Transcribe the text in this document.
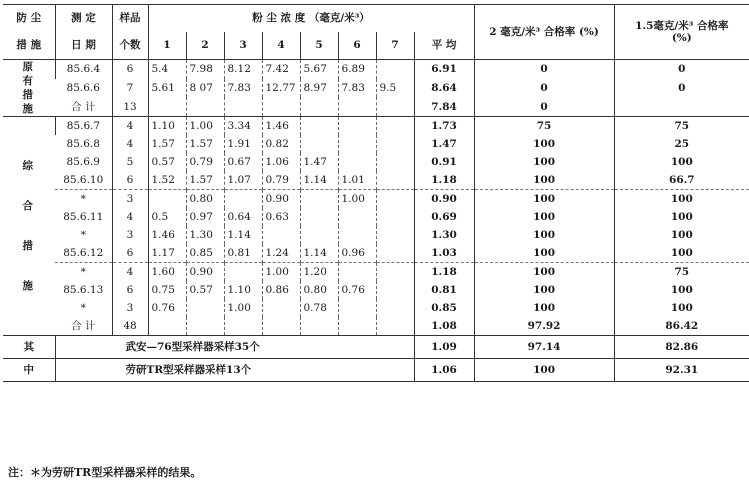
防 尘	测 定	样品	粉 尘 浓 度 （毫克/米³）								2 毫克/米³ 合格率 (%)	1.5毫克/米³ 合格率 (%)
措 施	日 期	个数	1	2	3	4	5	6	7	平 均		
原有措施	85.6.4	6	5.4	7.98	8.12	7.42	5.67	6.89		6.91	0	0
	85.6.6	7	5.61	8 07	7.83	12.77	8.97	7.83	9.5	8.64	0	0
	合 计	13								7.84	0	
综合措施	85.6.7	4	1.10	1.00	3.34	1.46				1.73	75	75
	85.6.8	4	1.57	1.57	1.91	0.82				1.47	100	25
	85.6.9	5	0.57	0.79	0.67	1.06	1.47			0.91	100	100
	85.6.10	6	1.52	1.57	1.07	0.79	1.14	1.01		1.18	100	66.7
	*	3		0.80		0.90		1.00		0.90	100	100
	85.6.11	4	0.5	0.97	0.64	0.63				0.69	100	100
	*	3	1.46	1.30	1.14					1.30	100	100
	85.6.12	6	1.17	0.85	0.81	1.24	1.14	0.96		1.03	100	100
	*	4	1.60	0.90		1.00	1.20			1.18	100	75
	85.6.13	6	0.75	0.57	1.10	0.86	0.80	0.76		0.81	100	100
	*	3	0.76		1.00		0.78			0.85	100	100
	合 计	48								1.08	97.92	86.42
其	武安—76型采样器采样35个									1.09	97.14	82.86
中	劳研TR型采样器采样13个									1.06	100	92.31
注：＊为劳研TR型采样器采样的结果。
